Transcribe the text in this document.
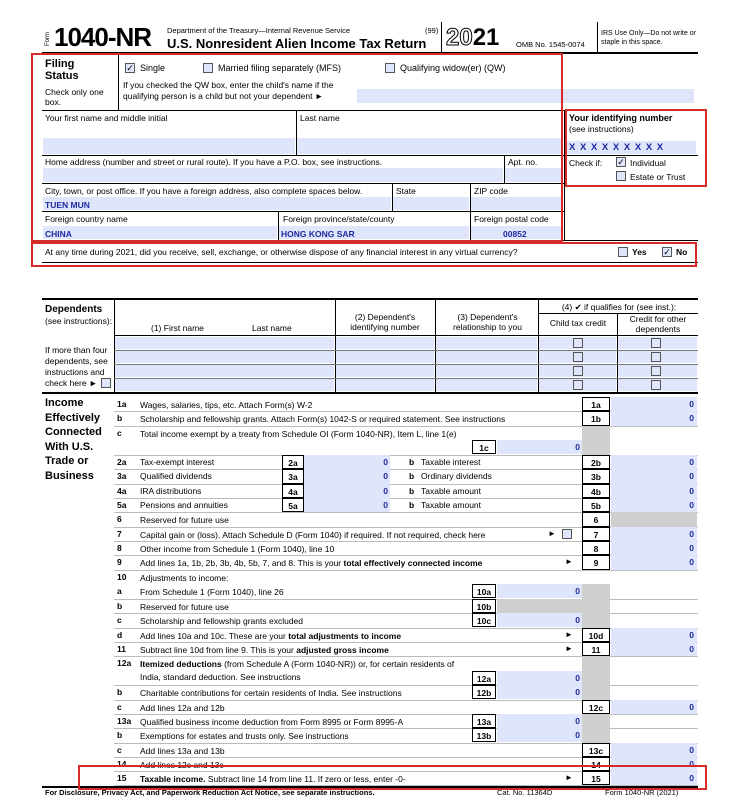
Form 1040-NR Department of the Treasury—Internal Revenue Service	(99)
U.S. Nonresident Alien Income Tax Return 2021 OMB No. 1545-0074
IRS Use Only—Do not write or staple in this space.
Filing Status
Check only one box.
✓ Single	Married filing separately (MFS)	Qualifying widow(er) (QW)
If you checked the QW box, enter the child's name if the qualifying person is a child but not your dependent ►
Your first name and middle initial	Last name	Your identifying number
(see instructions)
X X X X X X X X X
Check if: ✓ Individual
Estate or Trust
Home address (number and street or rural route). If you have a P.O. box, see instructions.	Apt. no.
City, town, or post office. If you have a foreign address, also complete spaces below.	State	ZIP code
TUEN MUN
Foreign country name	Foreign province/state/county	Foreign postal code
CHINA	HONG KONG SAR	00852
At any time during 2021, did you receive, sell, exchange, or otherwise dispose of any financial interest in any virtual currency?	Yes ✓ No
Dependents
(see instructions):
(1) First name	Last name
(2) Dependent's identifying number
(3) Dependent's relationship to you
(4) ✔ if qualifies for (see inst.):
Child tax credit	Credit for other dependents
If more than four dependents, see instructions and check here ►
Income Effectively Connected With U.S. Trade or Business
1a Wages, salaries, tips, etc. Attach Form(s) W-2	1a	0
b Scholarship and fellowship grants. Attach Form(s) 1042-S or required statement. See instructions	1b	0
c Total income exempt by a treaty from Schedule OI (Form 1040-NR), Item L, line 1(e)
1c	0
2a Tax-exempt interest	2a	0 b Taxable interest	2b	0
3a Qualified dividends	3a	0 b Ordinary dividends	3b	0
4a IRA distributions	4a	0 b Taxable amount	4b	0
5a Pensions and annuities	5a	0 b Taxable amount	5b	0
6 Reserved for future use	6
7 Capital gain or (loss). Attach Schedule D (Form 1040) if required. If not required, check here	7	0
►
8 Other income from Schedule 1 (Form 1040), line 10	8	0
9 Add lines 1a, 1b, 2b, 3b, 4b, 5b, 7, and 8. This is your total effectively connected income	9	0
►
10 Adjustments to income:
a From Schedule 1 (Form 1040), line 26	10a	0
b Reserved for future use	10b
c Scholarship and fellowship grants excluded	10c	0
d Add lines 10a and 10c. These are your total adjustments to income	10d	0
►
11 Subtract line 10d from line 9. This is your adjusted gross income	11	0
►
12a Itemized deductions (from Schedule A (Form 1040-NR)) or, for certain residents of India, standard deduction. See instructions	12a	0
b Charitable contributions for certain residents of India. See instructions	12b	0
c Add lines 12a and 12b	12c	0
13a Qualified business income deduction from Form 8995 or Form 8995-A	13a	0
b Exemptions for estates and trusts only. See instructions	13b	0
c Add lines 13a and 13b	13c	0
14 Add lines 12c and 13c	14	0
15 Taxable income. Subtract line 14 from line 11. If zero or less, enter -0-	15	0
►
For Disclosure, Privacy Act, and Paperwork Reduction Act Notice, see separate instructions.	Cat. No. 11364D	Form 1040-NR (2021)
